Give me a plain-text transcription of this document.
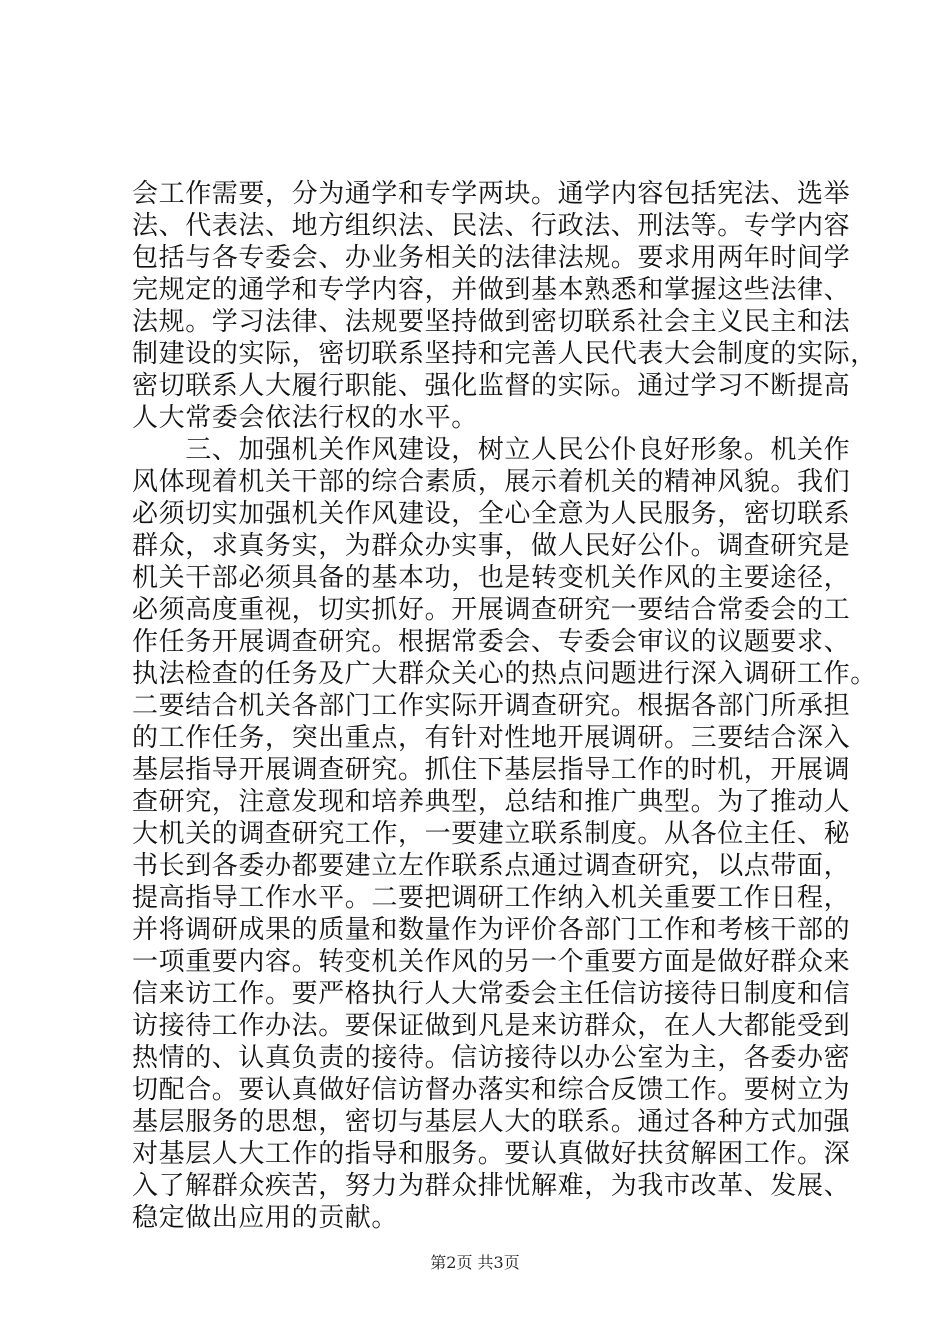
会工作需要，分为通学和专学两块。通学内容包括宪法、选举
法、代表法、地方组织法、民法、行政法、刑法等。专学内容
包括与各专委会、办业务相关的法律法规。要求用两年时间学
完规定的通学和专学内容，并做到基本熟悉和掌握这些法律、
法规。学习法律、法规要坚持做到密切联系社会主义民主和法
制建设的实际，密切联系坚持和完善人民代表大会制度的实际，
密切联系人大履行职能、强化监督的实际。通过学习不断提高
人大常委会依法行权的水平。
　　三、加强机关作风建设，树立人民公仆良好形象。机关作
风体现着机关干部的综合素质，展示着机关的精神风貌。我们
必须切实加强机关作风建设，全心全意为人民服务，密切联系
群众，求真务实，为群众办实事，做人民好公仆。调查研究是
机关干部必须具备的基本功，也是转变机关作风的主要途径，
必须高度重视，切实抓好。开展调查研究一要结合常委会的工
作任务开展调查研究。根据常委会、专委会审议的议题要求、
执法检查的任务及广大群众关心的热点问题进行深入调研工作。
二要结合机关各部门工作实际开调查研究。根据各部门所承担
的工作任务，突出重点，有针对性地开展调研。三要结合深入
基层指导开展调查研究。抓住下基层指导工作的时机，开展调
查研究，注意发现和培养典型，总结和推广典型。为了推动人
大机关的调查研究工作，一要建立联系制度。从各位主任、秘
书长到各委办都要建立左作联系点通过调查研究，以点带面，
提高指导工作水平。二要把调研工作纳入机关重要工作日程，
并将调研成果的质量和数量作为评价各部门工作和考核干部的
一项重要内容。转变机关作风的另一个重要方面是做好群众来
信来访工作。要严格执行人大常委会主任信访接待日制度和信
访接待工作办法。要保证做到凡是来访群众，在人大都能受到
热情的、认真负责的接待。信访接待以办公室为主，各委办密
切配合。要认真做好信访督办落实和综合反馈工作。要树立为
基层服务的思想，密切与基层人大的联系。通过各种方式加强
对基层人大工作的指导和服务。要认真做好扶贫解困工作。深
入了解群众疾苦，努力为群众排忧解难，为我市改革、发展、
稳定做出应用的贡献。
第2页 共3页
